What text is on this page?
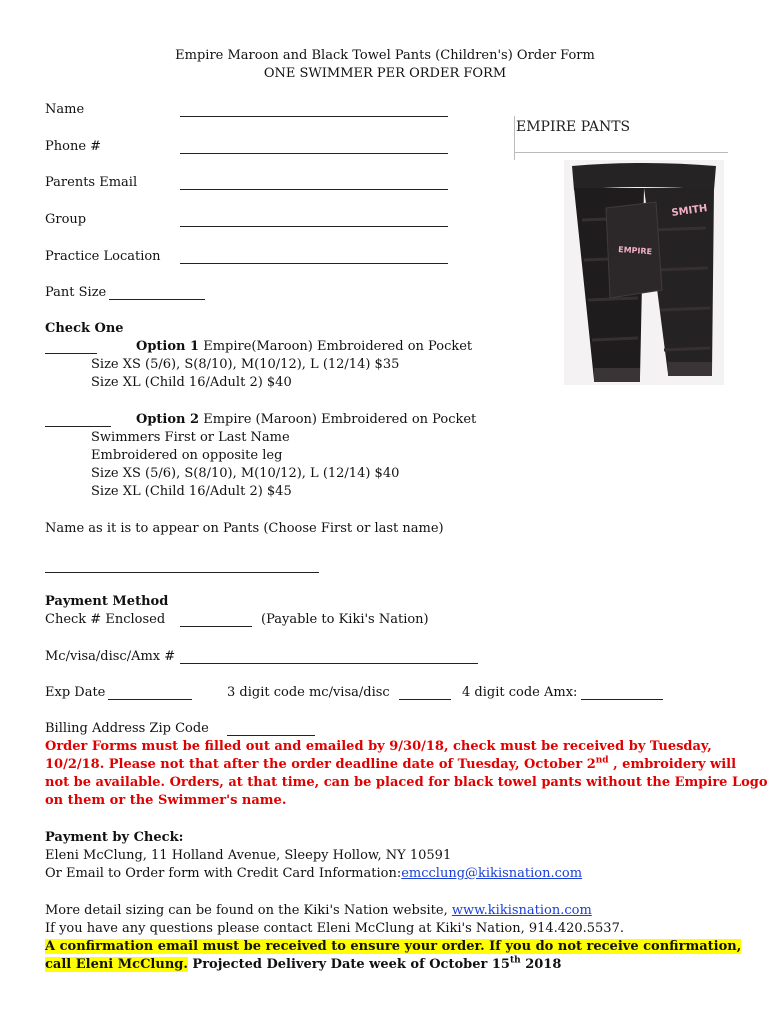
Empire Maroon and Black Towel Pants (Children's) Order Form
ONE SWIMMER PER ORDER FORM
Name
Phone #
Parents Email
Group
Practice Location
Pant Size
EMPIRE PANTS
EMPIRE
SMITH
Check One
Option 1 Empire(Maroon) Embroidered on Pocket
Size XS (5/6), S(8/10), M(10/12), L (12/14) $35
Size XL (Child 16/Adult 2) $40
Option 2 Empire (Maroon) Embroidered on Pocket
Swimmers First or Last Name
Embroidered on opposite leg
Size XS (5/6), S(8/10), M(10/12), L (12/14) $40
Size XL (Child 16/Adult 2) $45
Name as it is to appear on Pants (Choose First or last name)
Payment Method
Check # Enclosed	(Payable to Kiki's Nation)
Mc/visa/disc/Amx #
Exp Date	3 digit code mc/visa/disc	4 digit code Amx:
Billing Address Zip Code
Order Forms must be filled out and emailed by 9/30/18, check must be received by Tuesday,
10/2/18. Please not that after the order deadline date of Tuesday, October 2nd , embroidery will
not be available. Orders, at that time, can be placed for black towel pants without the Empire Logo
on them or the Swimmer's name.
Payment by Check:
Eleni McClung, 11 Holland Avenue, Sleepy Hollow, NY 10591
Or Email to Order form with Credit Card Information:emcclung@kikisnation.com
More detail sizing can be found on the Kiki's Nation website, www.kikisnation.com
If you have any questions please contact Eleni McClung at Kiki's Nation, 914.420.5537.
A confirmation email must be received to ensure your order. If you do not receive confirmation,
call Eleni McClung. Projected Delivery Date week of October 15th 2018
